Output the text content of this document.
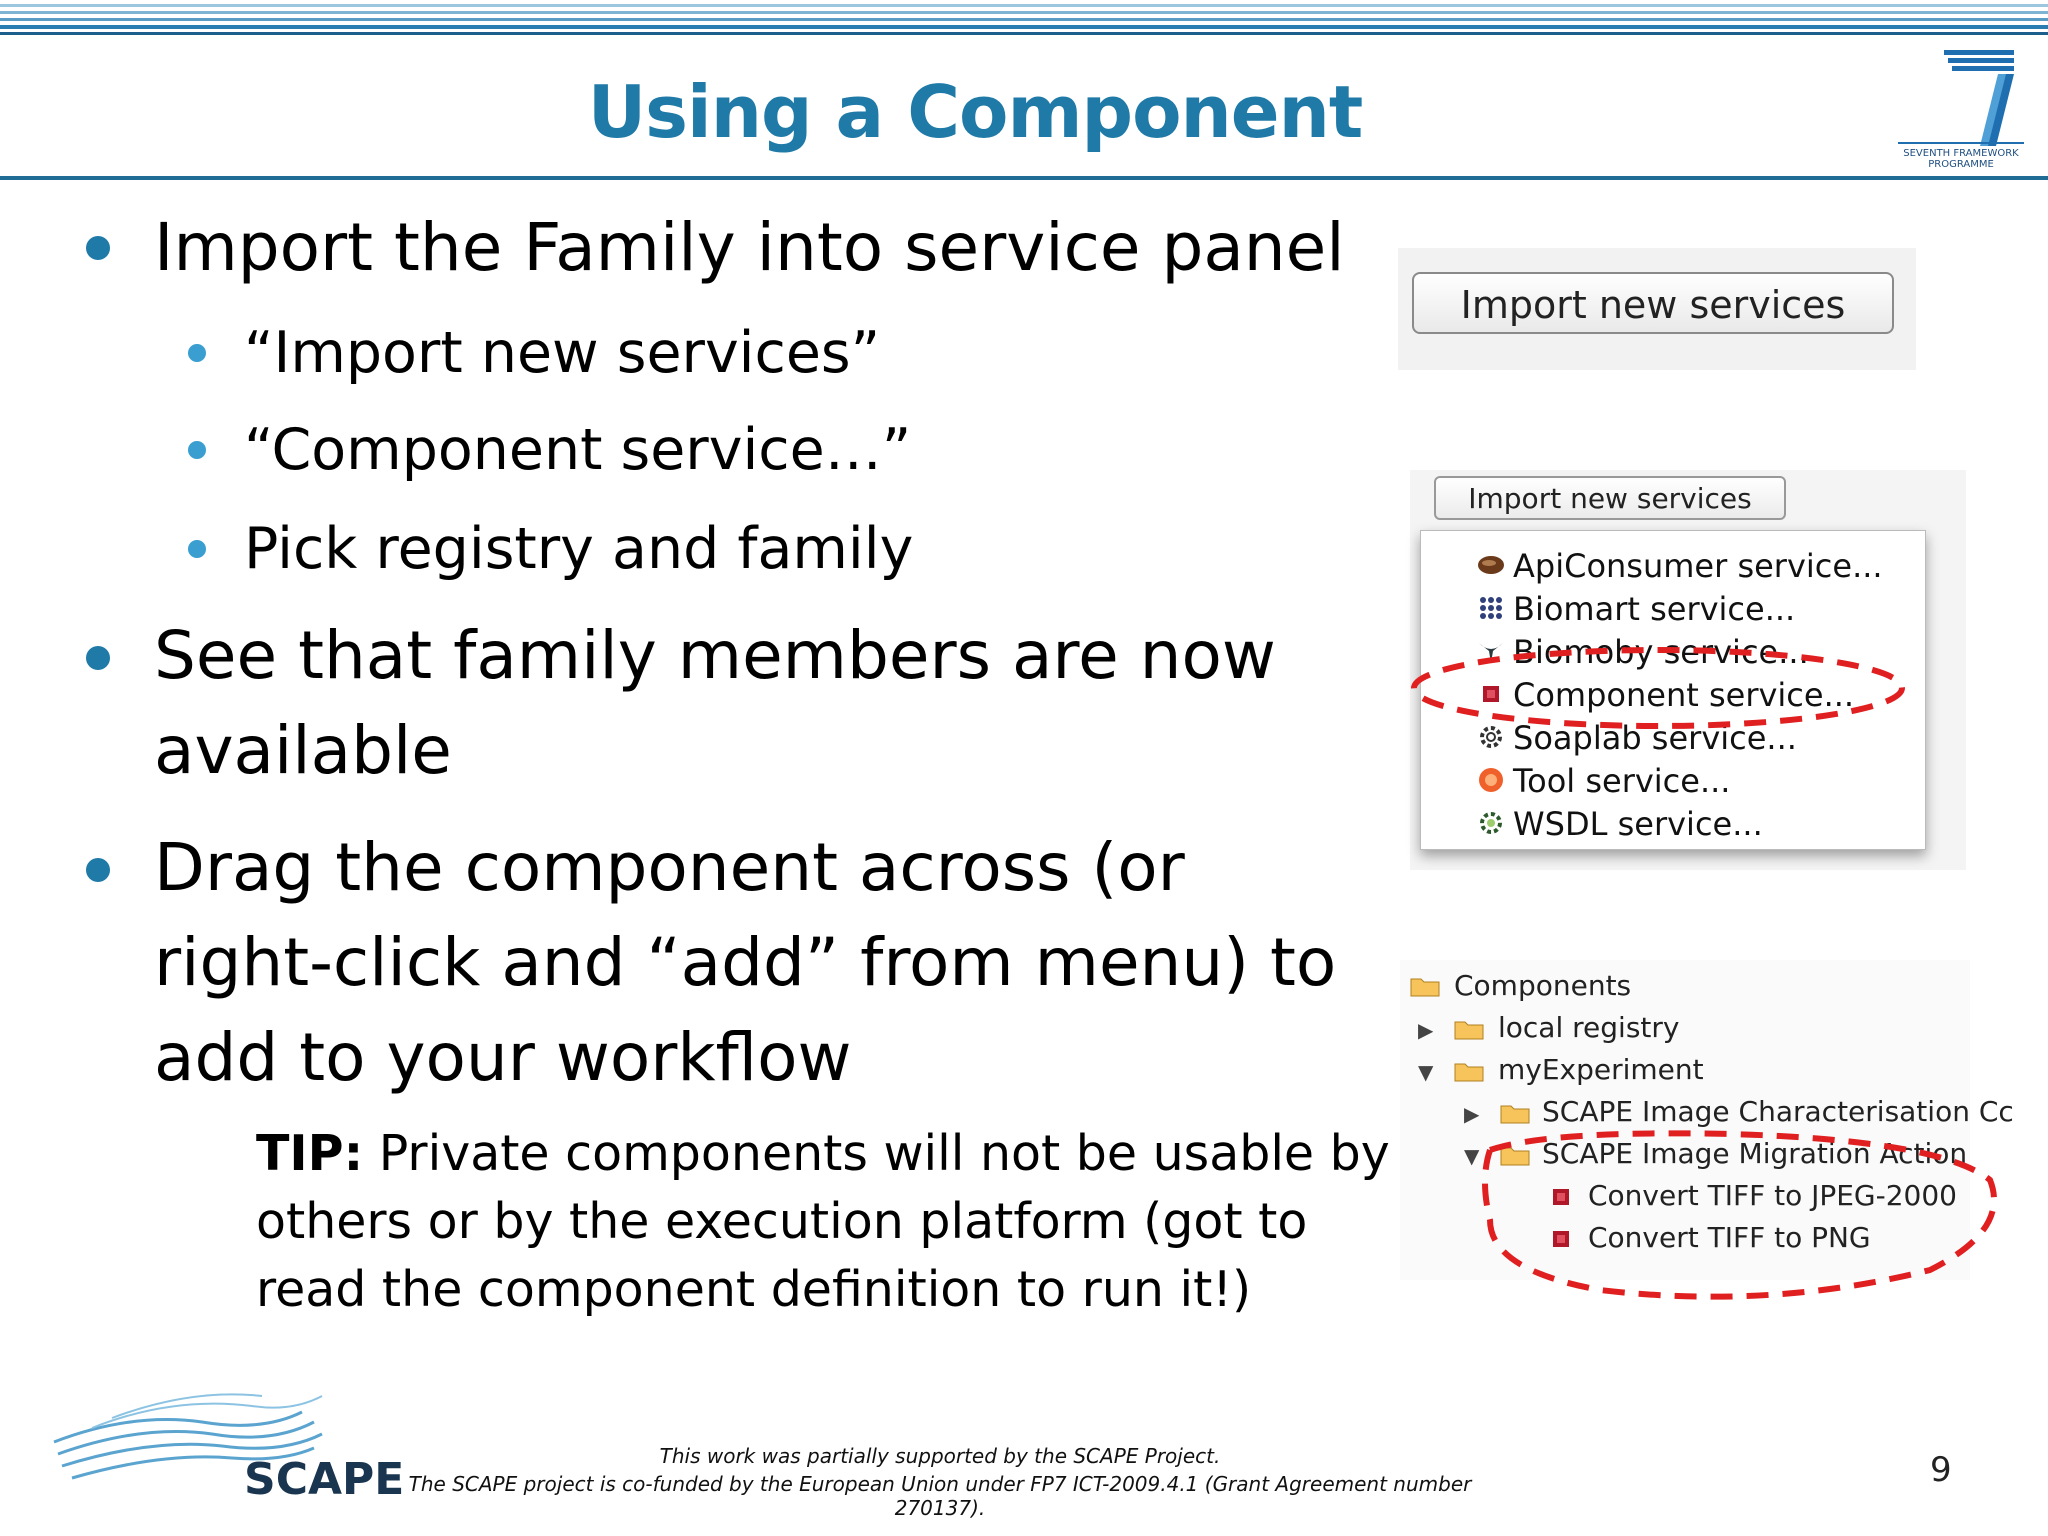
Using a Component	SEVENTH FRAMEWORK
PROGRAMME
Import the Family into service panel
“Import new services”
“Component service…”
Pick registry and family
See that family members are now
available
Drag the component across (or
right-click and “add” from menu) to
add to your workflow
TIP: Private components will not be usable by
others or by the execution platform (got to
read the component definition to run it!)
Import new services
Import new services
ApiConsumer service...
Biomart service...
Biomoby service...
Component service...
Soaplab service...
Tool service...
WSDL service...
Components
▶ local registry
▼ myExperiment
▶ SCAPE Image Characterisation Cc
▼ SCAPE Image Migration Action
Convert TIFF to JPEG-2000
Convert TIFF to PNG
SCAPE	This work was partially supported by the SCAPE Project.
The SCAPE project is co-funded by the European Union under FP7 ICT-2009.4.1 (Grant Agreement number 270137).
9
